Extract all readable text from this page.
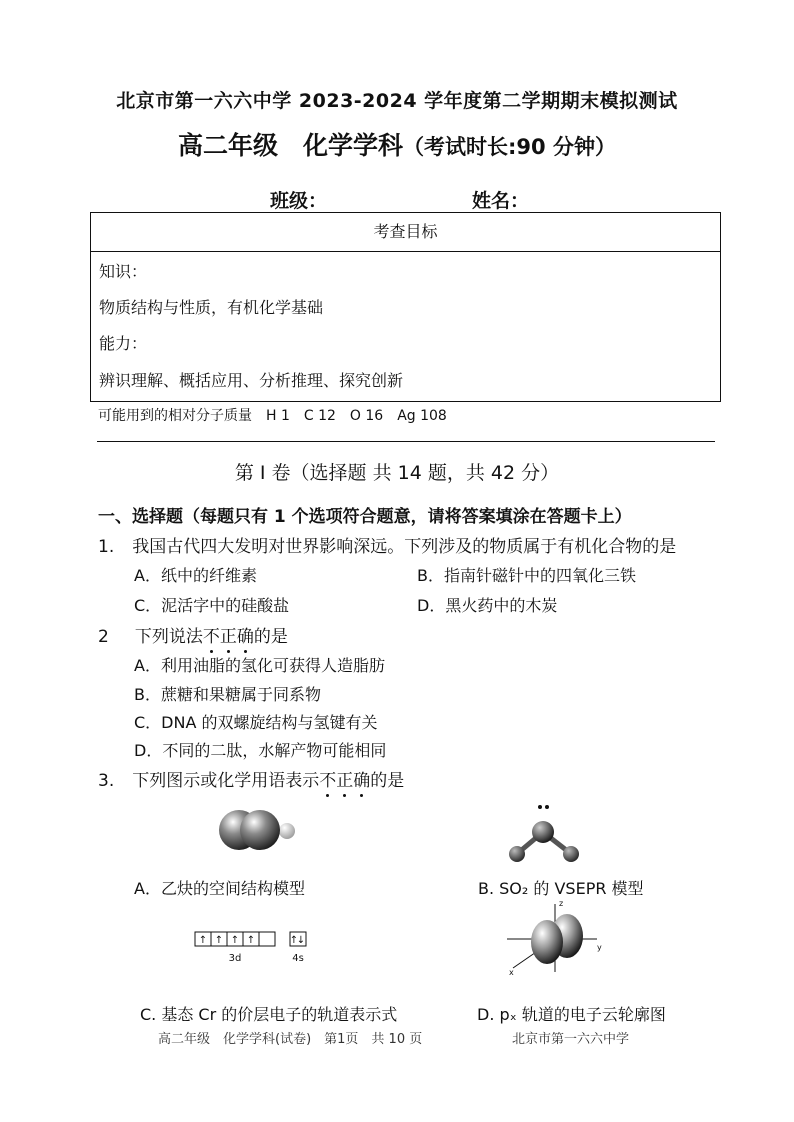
北京市第一六六中学 2023-2024 学年度第二学期期末模拟测试
高二年级　化学学科（考试时长:90 分钟）
班级：	姓名：
考查目标
知识：
物质结构与性质，有机化学基础
能力：
辨识理解、概括应用、分析推理、探究创新
可能用到的相对分子质量　H 1　C 12　O 16　Ag 108
第 I 卷（选择题 共 14 题，共 42 分）
一、选择题（每题只有 1 个选项符合题意，请将答案填涂在答题卡上）
1. 我国古代四大发明对世界影响深远。下列涉及的物质属于有机化合物的是
A．纸中的纤维素	B．指南针磁针中的四氧化三铁
C．泥活字中的硅酸盐	D．黑火药中的木炭
2 下列说法不正确的是
A．利用油脂的氢化可获得人造脂肪
B．蔗糖和果糖属于同系物
C．DNA 的双螺旋结构与氢键有关
D．不同的二肽，水解产物可能相同
3. 下列图示或化学用语表示不正确的是
A．乙炔的空间结构模型	B. SO₂ 的 VSEPR 模型
↑ ↑ ↑ ↑	↑
↓
3d	4s
C. 基态 Cr 的价层电子的轨道表示式
z
y
x
D. pₓ 轨道的电子云轮廓图
高二年级　化学学科(试卷)　第1页　共 10 页	北京市第一六六中学
